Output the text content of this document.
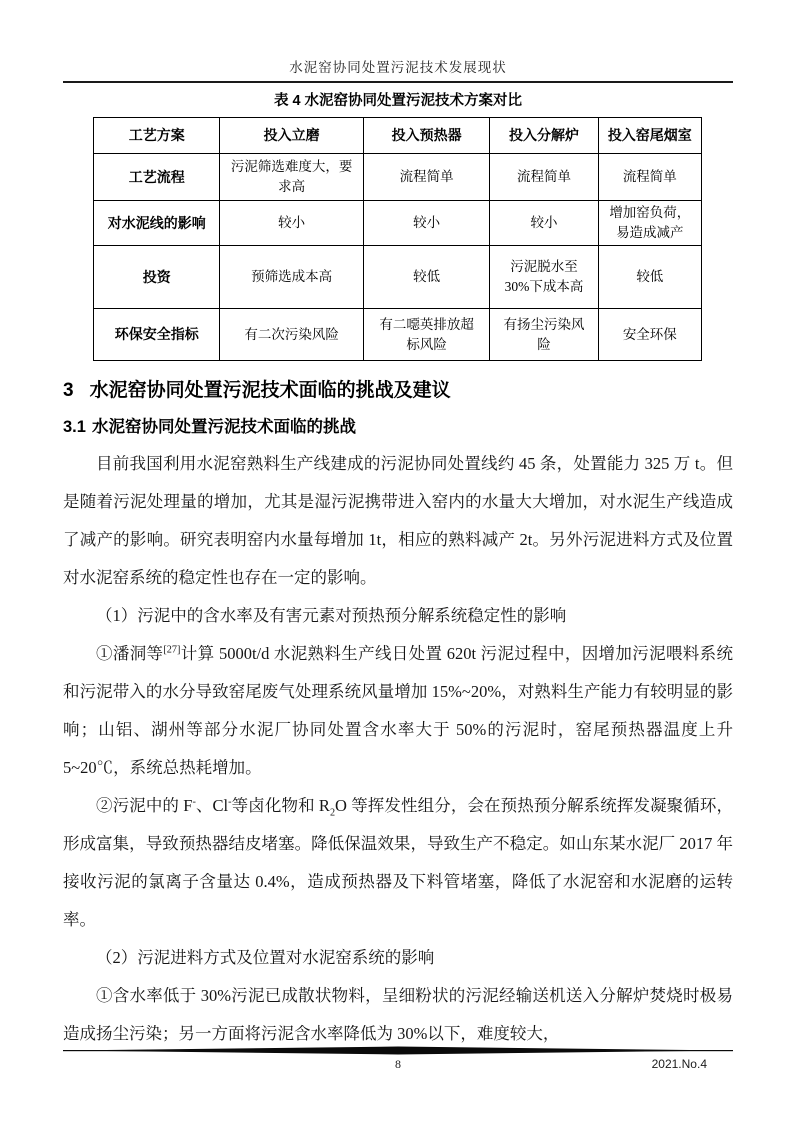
水泥窑协同处置污泥技术发展现状
表 4 水泥窑协同处置污泥技术方案对比
工艺方案	投入立磨	投入预热器	投入分解炉	投入窑尾烟室
工艺流程	污泥筛选难度大，要求高	流程简单	流程简单	流程简单
对水泥线的影响	较小	较小	较小	增加窑负荷，易造成减产
投资	预筛选成本高	较低	污泥脱水至 30%下成本高	较低
环保安全指标	有二次污染风险	有二噁英排放超标风险	有扬尘污染风险	安全环保
3 水泥窑协同处置污泥技术面临的挑战及建议
3.1 水泥窑协同处置污泥技术面临的挑战

目前我国利用水泥窑熟料生产线建成的污泥协同处置线约 45 条，处置能力 325 万 t。但是随着污泥处理量的增加，尤其是湿污泥携带进入窑内的水量大大增加，对水泥生产线造成了减产的影响。研究表明窑内水量每增加 1t，相应的熟料减产 2t。另外污泥进料方式及位置对水泥窑系统的稳定性也存在一定的影响。

（1）污泥中的含水率及有害元素对预热预分解系统稳定性的影响

①潘洞等[27]计算 5000t/d 水泥熟料生产线日处置 620t 污泥过程中，因增加污泥喂料系统和污泥带入的水分导致窑尾废气处理系统风量增加 15%~20%，对熟料生产能力有较明显的影响；山铝、湖州等部分水泥厂协同处置含水率大于 50%的污泥时，窑尾预热器温度上升 5~20℃，系统总热耗增加。

②污泥中的 F-、Cl-等卤化物和 $R_2O$ 等挥发性组分，会在预热预分解系统挥发凝聚循环，形成富集，导致预热器结皮堵塞。降低保温效果，导致生产不稳定。如山东某水泥厂 2017 年接收污泥的氯离子含量达 0.4%，造成预热器及下料管堵塞，降低了水泥窑和水泥磨的运转率。

（2）污泥进料方式及位置对水泥窑系统的影响

①含水率低于 30%污泥已成散状物料，呈细粉状的污泥经输送机送入分解炉焚烧时极易造成扬尘污染；另一方面将污泥含水率降低为 30%以下，难度较大，

8	2021.No.4
